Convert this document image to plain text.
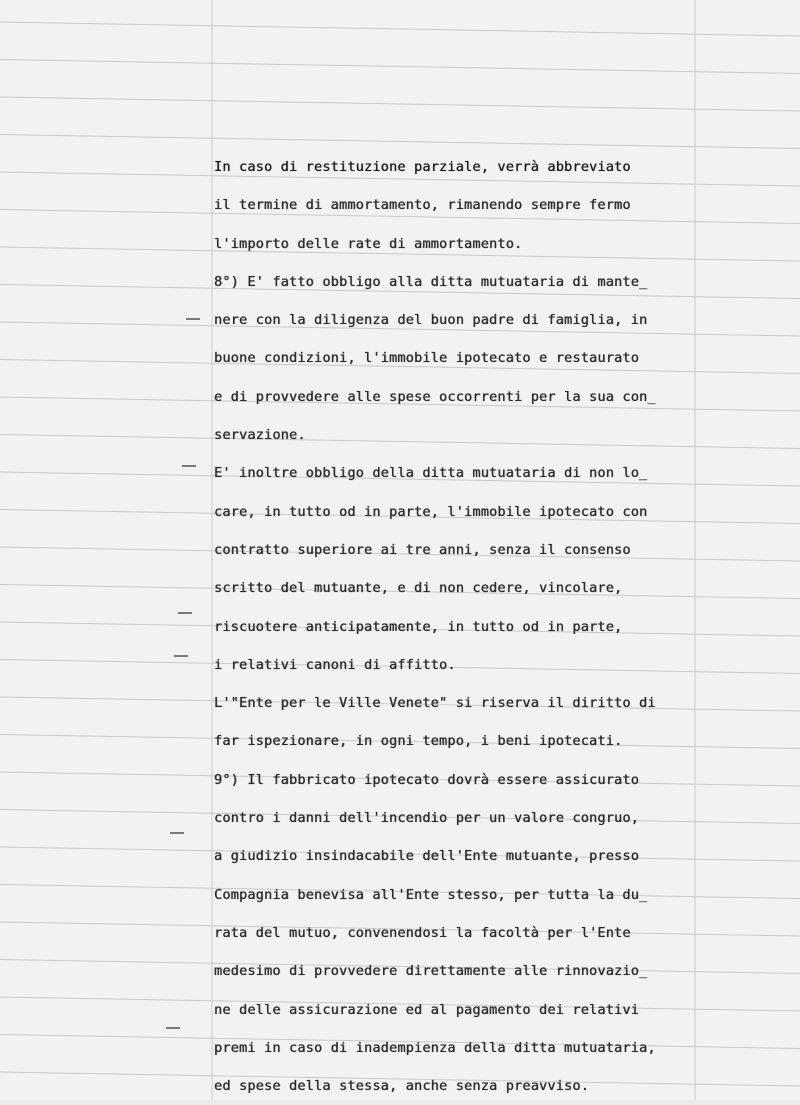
In caso di restituzione parziale, verrà abbreviato
il termine di ammortamento, rimanendo sempre fermo
l'importo delle rate di ammortamento.
8°) E' fatto obbligo alla ditta mutuataria di mante_
nere con la diligenza del buon padre di famiglia, in
buone condizioni, l'immobile ipotecato e restaurato
e di provvedere alle spese occorrenti per la sua con_
servazione.
E' inoltre obbligo della ditta mutuataria di non lo_
care, in tutto od in parte, l'immobile ipotecato con
contratto superiore ai tre anni, senza il consenso
scritto del mutuante, e di non cedere, vincolare,
riscuotere anticipatamente, in tutto od in parte,
i relativi canoni di affitto.
L'"Ente per le Ville Venete" si riserva il diritto di
far ispezionare, in ogni tempo, i beni ipotecati.
9°) Il fabbricato ipotecato dovrà essere assicurato
contro i danni dell'incendio per un valore congruo,
a giudizio insindacabile dell'Ente mutuante, presso
Compagnia benevisa all'Ente stesso, per tutta la du_
rata del mutuo, convenendosi la facoltà per l'Ente
medesimo di provvedere direttamente alle rinnovazio_
ne delle assicurazione ed al pagamento dei relativi
premi in caso di inadempienza della ditta mutuataria,
ed spese della stessa, anche senza preavviso.
